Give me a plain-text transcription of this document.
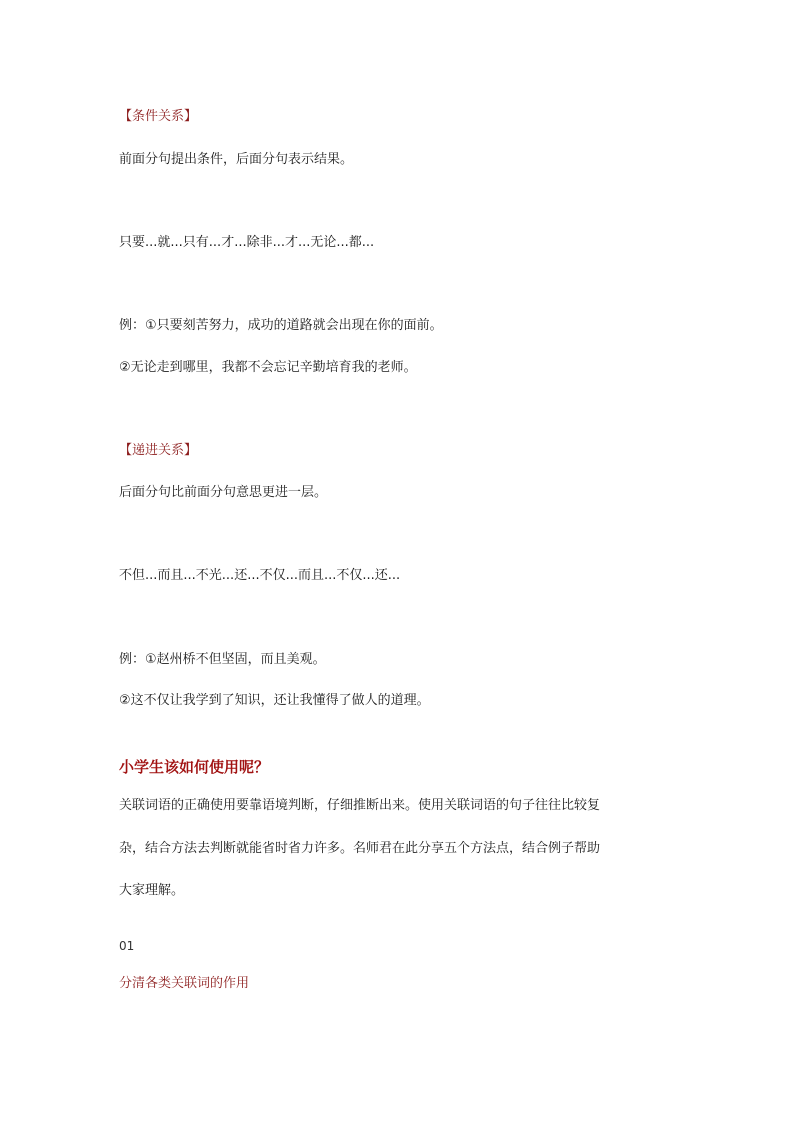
【条件关系】
前面分句提出条件，后面分句表示结果。
只要...就...只有...才...除非...才...无论...都...
例：①只要刻苦努力，成功的道路就会出现在你的面前。
②无论走到哪里，我都不会忘记辛勤培育我的老师。
【递进关系】
后面分句比前面分句意思更进一层。
不但...而且...不光...还...不仅...而且...不仅...还...
例：①赵州桥不但坚固，而且美观。
②这不仅让我学到了知识，还让我懂得了做人的道理。
小学生该如何使用呢？
关联词语的正确使用要靠语境判断，仔细推断出来。使用关联词语的句子往往比较复
杂，结合方法去判断就能省时省力许多。名师君在此分享五个方法点，结合例子帮助
大家理解。
01
分清各类关联词的作用
